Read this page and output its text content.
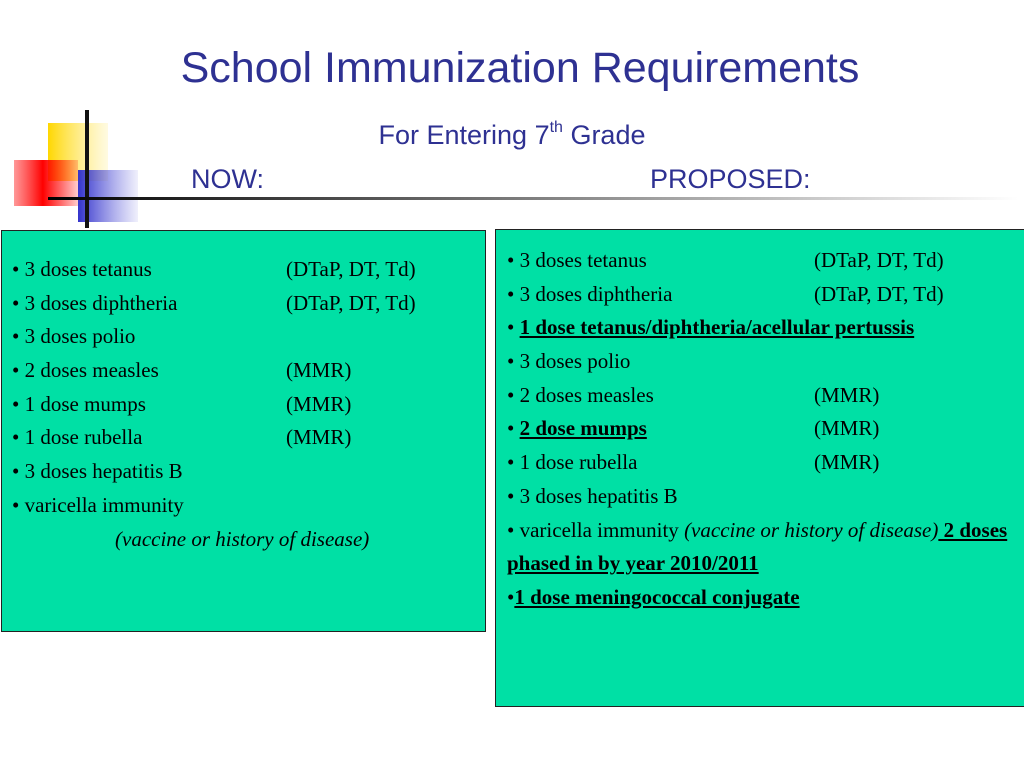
School Immunization Requirements
For Entering 7th Grade
NOW:	PROPOSED:
• 3 doses tetanus	(DTaP, DT, Td)
• 3 doses diphtheria	(DTaP, DT, Td)
• 3 doses polio
• 2 doses measles	(MMR)
• 1 dose mumps	(MMR)
• 1 dose rubella	(MMR)
• 3 doses hepatitis B
• varicella immunity
(vaccine or history of disease)
• 3 doses tetanus	(DTaP, DT, Td)
• 3 doses diphtheria	(DTaP, DT, Td)
• 1 dose tetanus/diphtheria/acellular pertussis
• 3 doses polio
• 2 doses measles	(MMR)
• 2 dose mumps	(MMR)
• 1 dose rubella	(MMR)
• 3 doses hepatitis B
• varicella immunity (vaccine or history of disease) 2 doses phased in by year 2010/2011
•1 dose meningococcal conjugate
